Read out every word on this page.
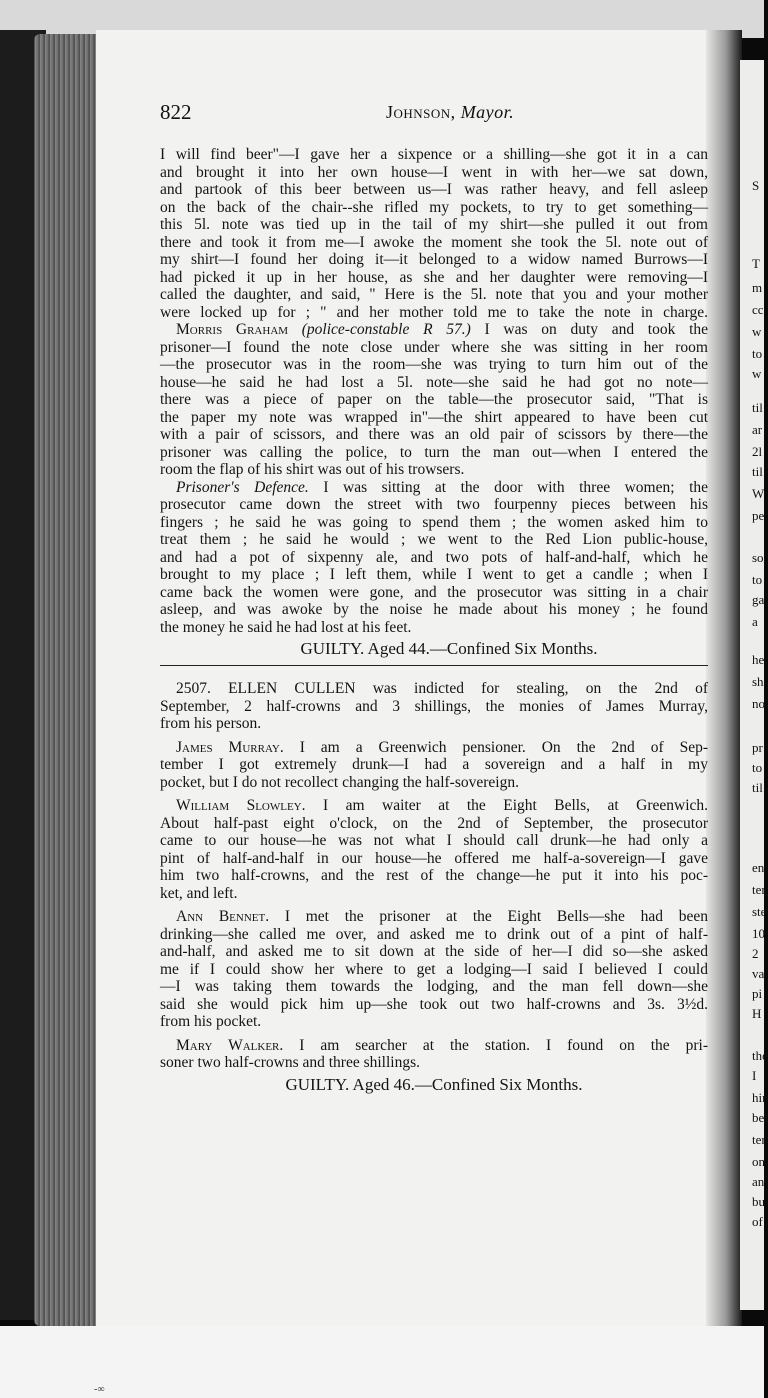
S
T
m
cc
w
to
w
til
ar
2l
til
W
pe
so
to
ga
a
he
sh
no
pr
to
til
en
ter
ste
10
2
va
pi
H
the
I
hir
bel
ter
on
an
bu
of
-∞
822	Johnson, Mayor.
I will find beer"—I gave her a sixpence or a shilling—she got it in a can
and brought it into her own house—I went in with her—we sat down,
and partook of this beer between us—I was rather heavy, and fell asleep
on the back of the chair--she rifled my pockets, to try to get something—
this 5l. note was tied up in the tail of my shirt—she pulled it out from
there and took it from me—I awoke the moment she took the 5l. note out of
my shirt—I found her doing it—it belonged to a widow named Burrows—I
had picked it up in her house, as she and her daughter were removing—I
called the daughter, and said, " Here is the 5l. note that you and your mother
were locked up for ; " and her mother told me to take the note in charge.
Morris Graham (police-constable R 57.) I was on duty and took the
prisoner—I found the note close under where she was sitting in her room
—the prosecutor was in the room—she was trying to turn him out of the
house—he said he had lost a 5l. note—she said he had got no note—
there was a piece of paper on the table—the prosecutor said, "That is
the paper my note was wrapped in"—the shirt appeared to have been cut
with a pair of scissors, and there was an old pair of scissors by there—the
prisoner was calling the police, to turn the man out—when I entered the
room the flap of his shirt was out of his trowsers.
Prisoner's Defence. I was sitting at the door with three women; the
prosecutor came down the street with two fourpenny pieces between his
fingers ; he said he was going to spend them ; the women asked him to
treat them ; he said he would ; we went to the Red Lion public-house,
and had a pot of sixpenny ale, and two pots of half-and-half, which he
brought to my place ; I left them, while I went to get a candle ; when I
came back the women were gone, and the prosecutor was sitting in a chair
asleep, and was awoke by the noise he made about his money ; he found
the money he said he had lost at his feet.
GUILTY. Aged 44.—Confined Six Months.
2507. ELLEN CULLEN was indicted for stealing, on the 2nd of
September, 2 half-crowns and 3 shillings, the monies of James Murray,
from his person.
James Murray. I am a Greenwich pensioner. On the 2nd of Sep-
tember I got extremely drunk—I had a sovereign and a half in my
pocket, but I do not recollect changing the half-sovereign.
William Slowley. I am waiter at the Eight Bells, at Greenwich.
About half-past eight o'clock, on the 2nd of September, the prosecutor
came to our house—he was not what I should call drunk—he had only a
pint of half-and-half in our house—he offered me half-a-sovereign—I gave
him two half-crowns, and the rest of the change—he put it into his poc-
ket, and left.
Ann Bennet. I met the prisoner at the Eight Bells—she had been
drinking—she called me over, and asked me to drink out of a pint of half-
and-half, and asked me to sit down at the side of her—I did so—she asked
me if I could show her where to get a lodging—I said I believed I could
—I was taking them towards the lodging, and the man fell down—she
said she would pick him up—she took out two half-crowns and 3s. 3½d.
from his pocket.
Mary Walker. I am searcher at the station. I found on the pri-
soner two half-crowns and three shillings.
GUILTY. Aged 46.—Confined Six Months.
